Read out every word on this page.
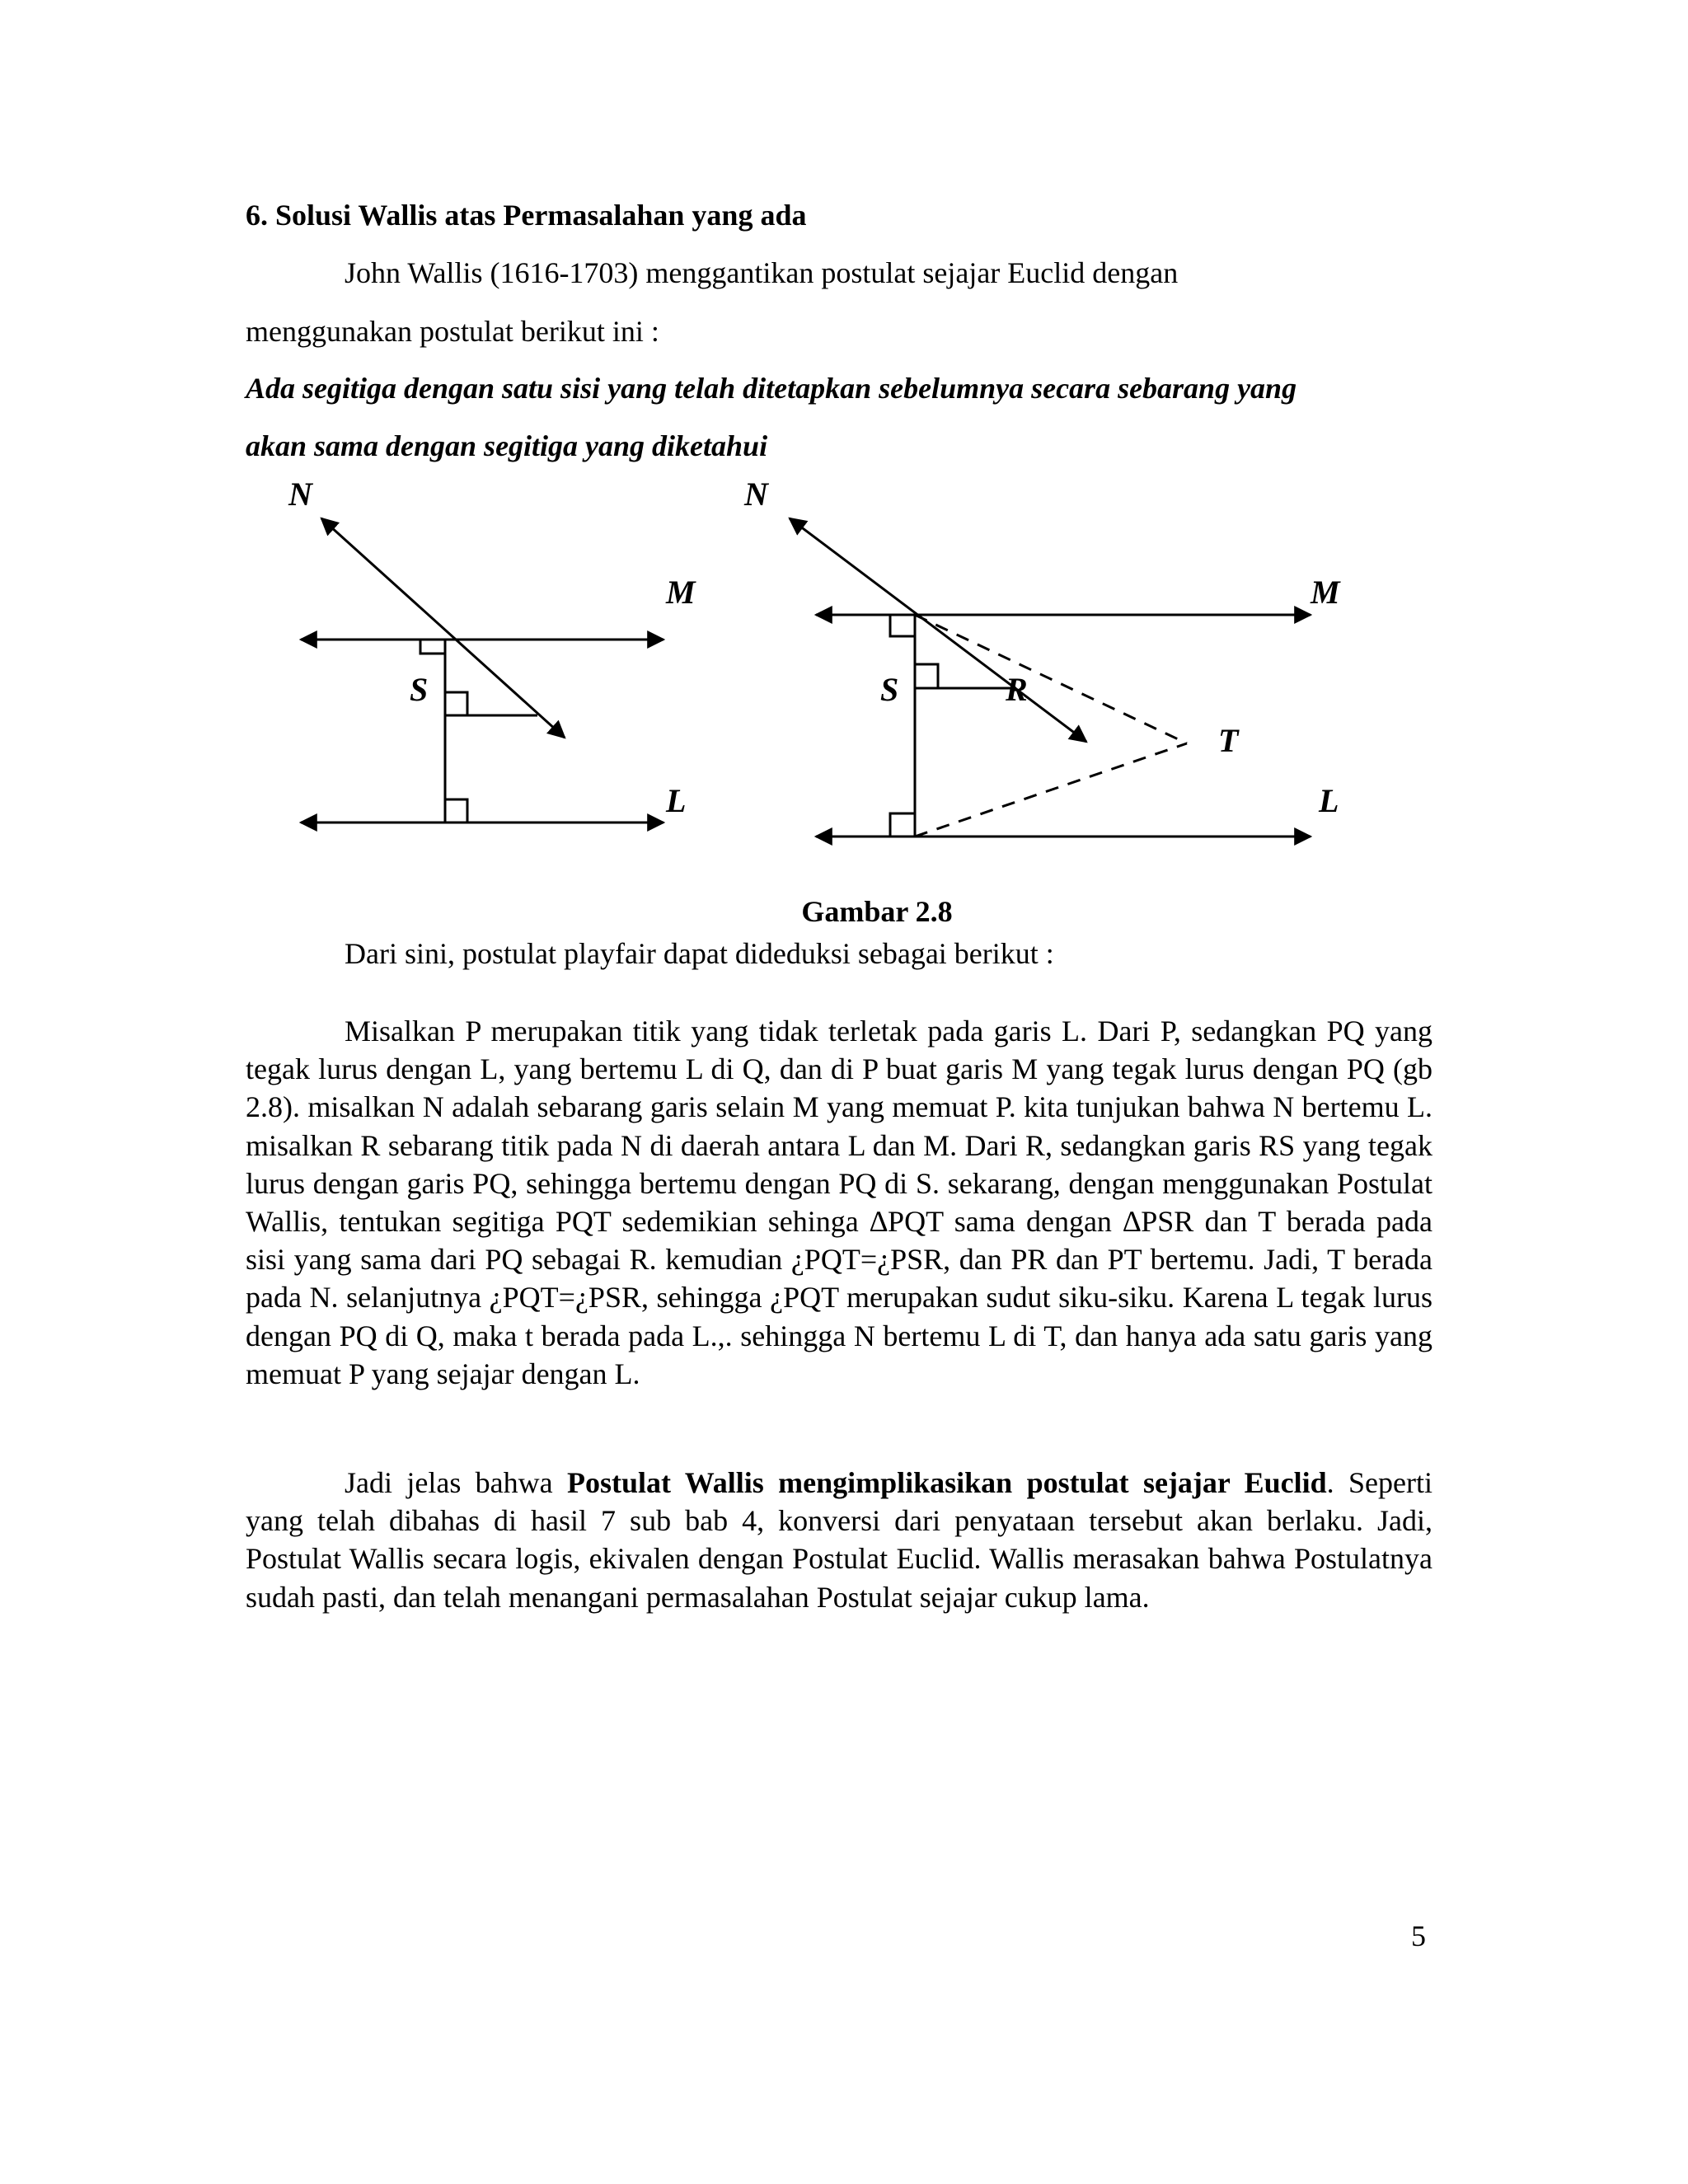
6. Solusi Wallis atas Permasalahan yang ada
John Wallis (1616-1703) menggantikan postulat sejajar Euclid dengan
menggunakan postulat berikut ini :
Ada segitiga dengan satu sisi yang telah ditetapkan sebelumnya secara sebarang yang
akan sama dengan segitiga yang diketahui
N
M
S
L
N
M
S	R
T
L
Gambar 2.8
Dari sini, postulat playfair dapat dideduksi sebagai berikut :

Misalkan P merupakan titik yang tidak terletak pada garis L. Dari P, sedangkan PQ yang tegak lurus dengan L, yang bertemu L di Q, dan di P buat garis M yang tegak lurus dengan PQ (gb 2.8). misalkan N adalah sebarang garis selain M yang memuat P. kita tunjukan bahwa N bertemu L. misalkan R sebarang titik pada N di daerah antara L dan M. Dari R, sedangkan garis RS yang tegak lurus dengan garis PQ, sehingga bertemu dengan PQ di S. sekarang, dengan menggunakan Postulat Wallis, tentukan segitiga PQT sedemikian sehinga ∆PQT sama dengan ∆PSR dan T berada pada sisi yang sama dari PQ sebagai R. kemudian ¿PQT=¿PSR, dan PR dan PT bertemu. Jadi, T berada pada N. selanjutnya ¿PQT=¿PSR, sehingga ¿PQT merupakan sudut siku-siku. Karena L tegak lurus dengan PQ di Q, maka t berada pada L.,. sehingga N bertemu L di T, dan hanya ada satu garis yang memuat P yang sejajar dengan L.

Jadi jelas bahwa Postulat Wallis mengimplikasikan postulat sejajar Euclid. Seperti yang telah dibahas di hasil 7 sub bab 4, konversi dari penyataan tersebut akan berlaku. Jadi, Postulat Wallis secara logis, ekivalen dengan Postulat Euclid. Wallis merasakan bahwa Postulatnya sudah pasti, dan telah menangani permasalahan Postulat sejajar cukup lama.

5
